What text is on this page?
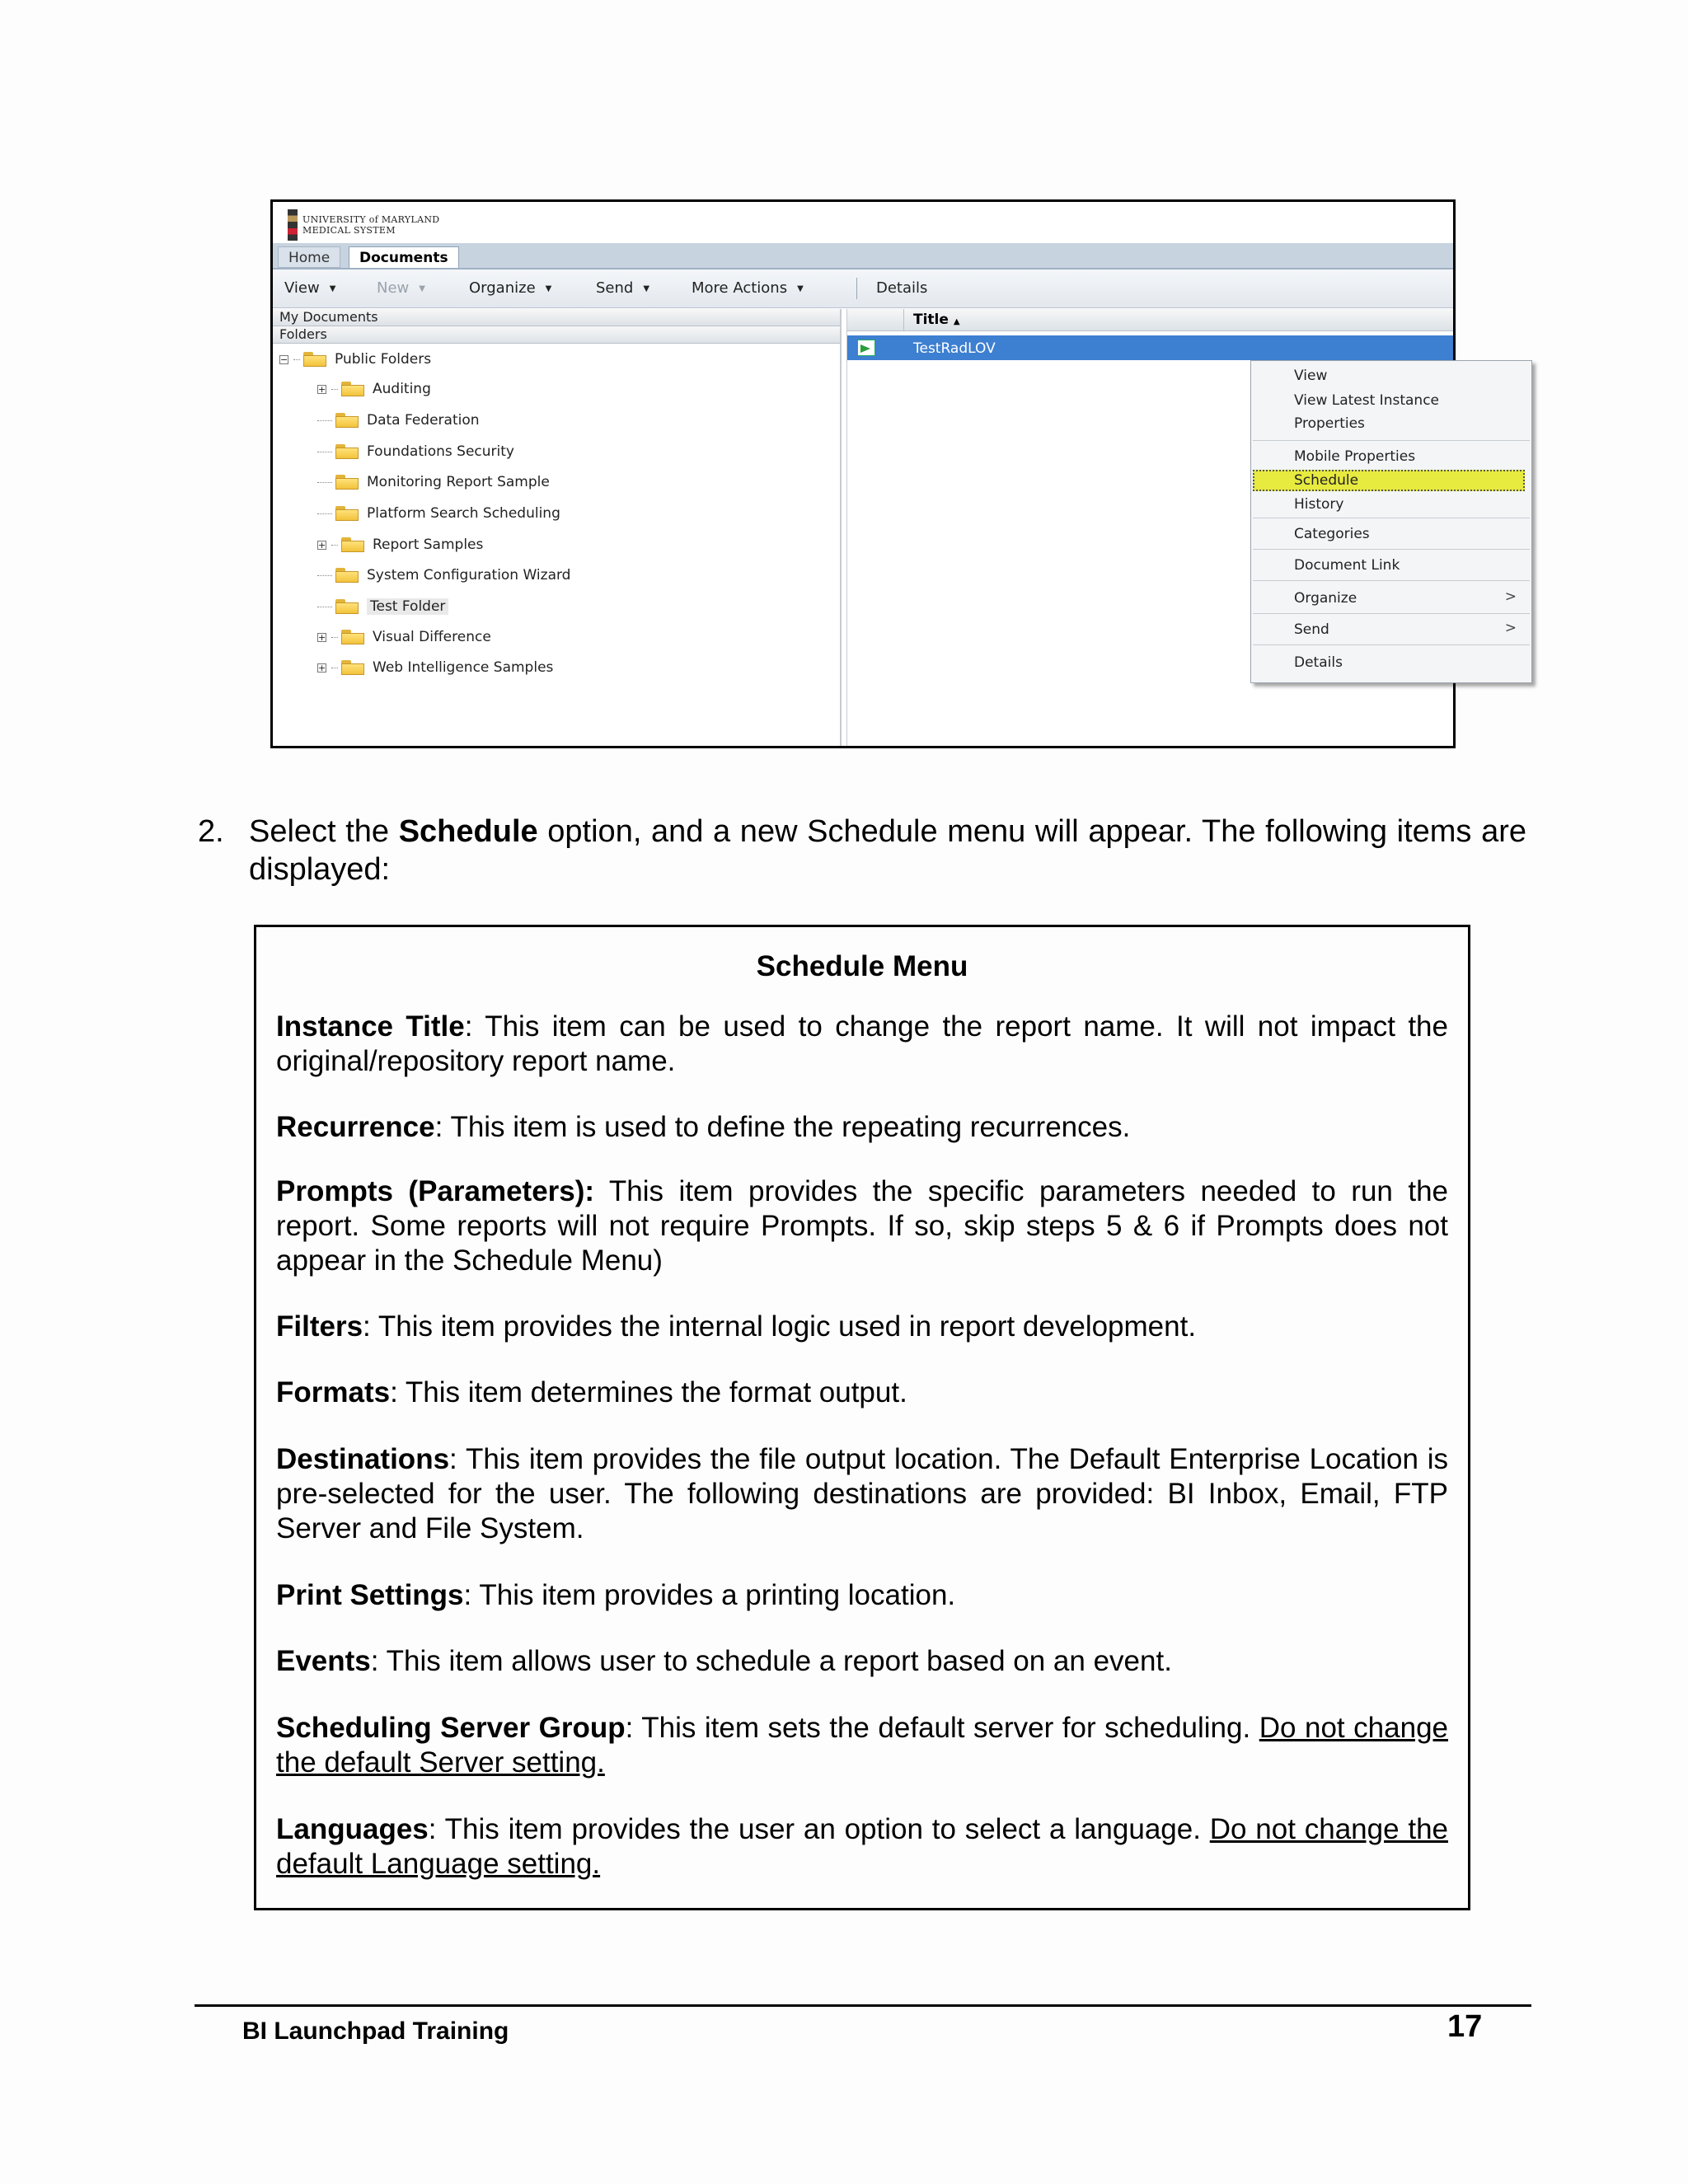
UNIVERSITY of MARYLAND
MEDICAL SYSTEM
Home	Documents
View ▼	New ▼	Organize ▼	Send ▼	More Actions ▼	Details
My Documents
Folders
−	Public Folders
+	Auditing
Data Federation
Foundations Security
Monitoring Report Sample
Platform Search Scheduling
+	Report Samples
System Configuration Wizard
Test Folder
+	Visual Difference
+	Web Intelligence Samples
Title ▲
TestRadLOV
View
View Latest Instance
Properties
Mobile Properties
Schedule
History
Categories
Document Link
Organize	>
Send	>
Details
2. Select the Schedule option, and a new Schedule menu will appear. The following items are displayed:
Schedule Menu
Instance Title: This item can be used to change the report name. It will not impact the original/repository report name.
Recurrence: This item is used to define the repeating recurrences.
Prompts (Parameters): This item provides the specific parameters needed to run the report. Some reports will not require Prompts. If so, skip steps 5 & 6 if Prompts does not appear in the Schedule Menu)
Filters: This item provides the internal logic used in report development.
Formats: This item determines the format output.
Destinations: This item provides the file output location. The Default Enterprise Location is pre-selected for the user. The following destinations are provided: BI Inbox, Email, FTP Server and File System.
Print Settings: This item provides a printing location.
Events: This item allows user to schedule a report based on an event.
Scheduling Server Group: This item sets the default server for scheduling. Do not change the default Server setting.
Languages: This item provides the user an option to select a language. Do not change the default Language setting.
BI Launchpad Training	17
